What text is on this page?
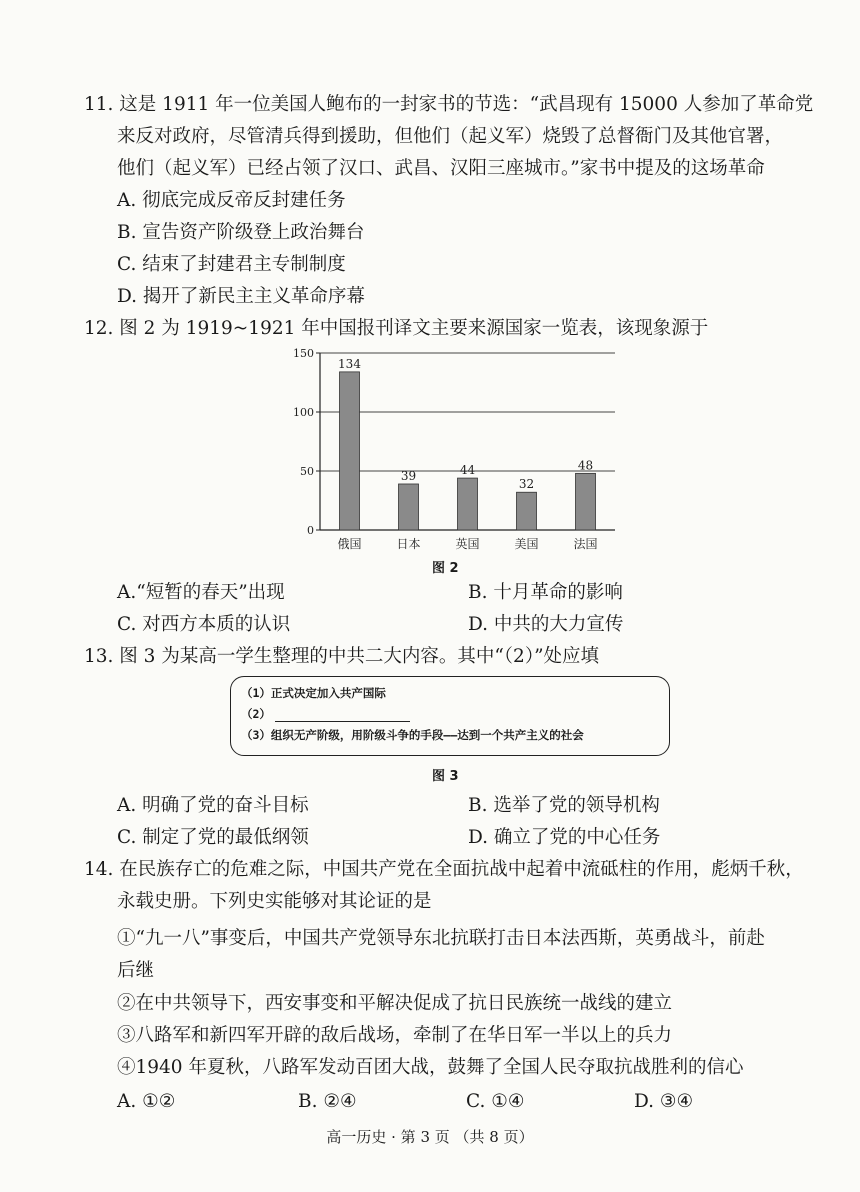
11. 这是 1911 年一位美国人鲍布的一封家书的节选：“武昌现有 15000 人参加了革命党
来反对政府，尽管清兵得到援助，但他们（起义军）烧毁了总督衙门及其他官署，
他们（起义军）已经占领了汉口、武昌、汉阳三座城市。”家书中提及的这场革命
A. 彻底完成反帝反封建任务
B. 宣告资产阶级登上政治舞台
C. 结束了封建君主专制制度
D. 揭开了新民主主义革命序幕
12. 图 2 为 1919~1921 年中国报刊译文主要来源国家一览表，该现象源于
0
50
100
150
134
俄国
39
日本
44
英国
32
美国
48
法国
图 2
A.“短暂的春天”出现	B. 十月革命的影响
C. 对西方本质的认识	D. 中共的大力宣传
13. 图 3 为某高一学生整理的中共二大内容。其中“（2）”处应填
（1）正式决定加入共产国际
（2）
（3）组织无产阶级，用阶级斗争的手段——达到一个共产主义的社会
图 3
A. 明确了党的奋斗目标	B. 选举了党的领导机构
C. 制定了党的最低纲领	D. 确立了党的中心任务
14. 在民族存亡的危难之际，中国共产党在全面抗战中起着中流砥柱的作用，彪炳千秋，
永载史册。下列史实能够对其论证的是
①“九一八”事变后，中国共产党领导东北抗联打击日本法西斯，英勇战斗，前赴
后继
②在中共领导下，西安事变和平解决促成了抗日民族统一战线的建立
③八路军和新四军开辟的敌后战场，牵制了在华日军一半以上的兵力
④1940 年夏秋，八路军发动百团大战，鼓舞了全国人民夺取抗战胜利的信心
A. ①②	B. ②④	C. ①④	D. ③④
高一历史 · 第 3 页 （共 8 页）
